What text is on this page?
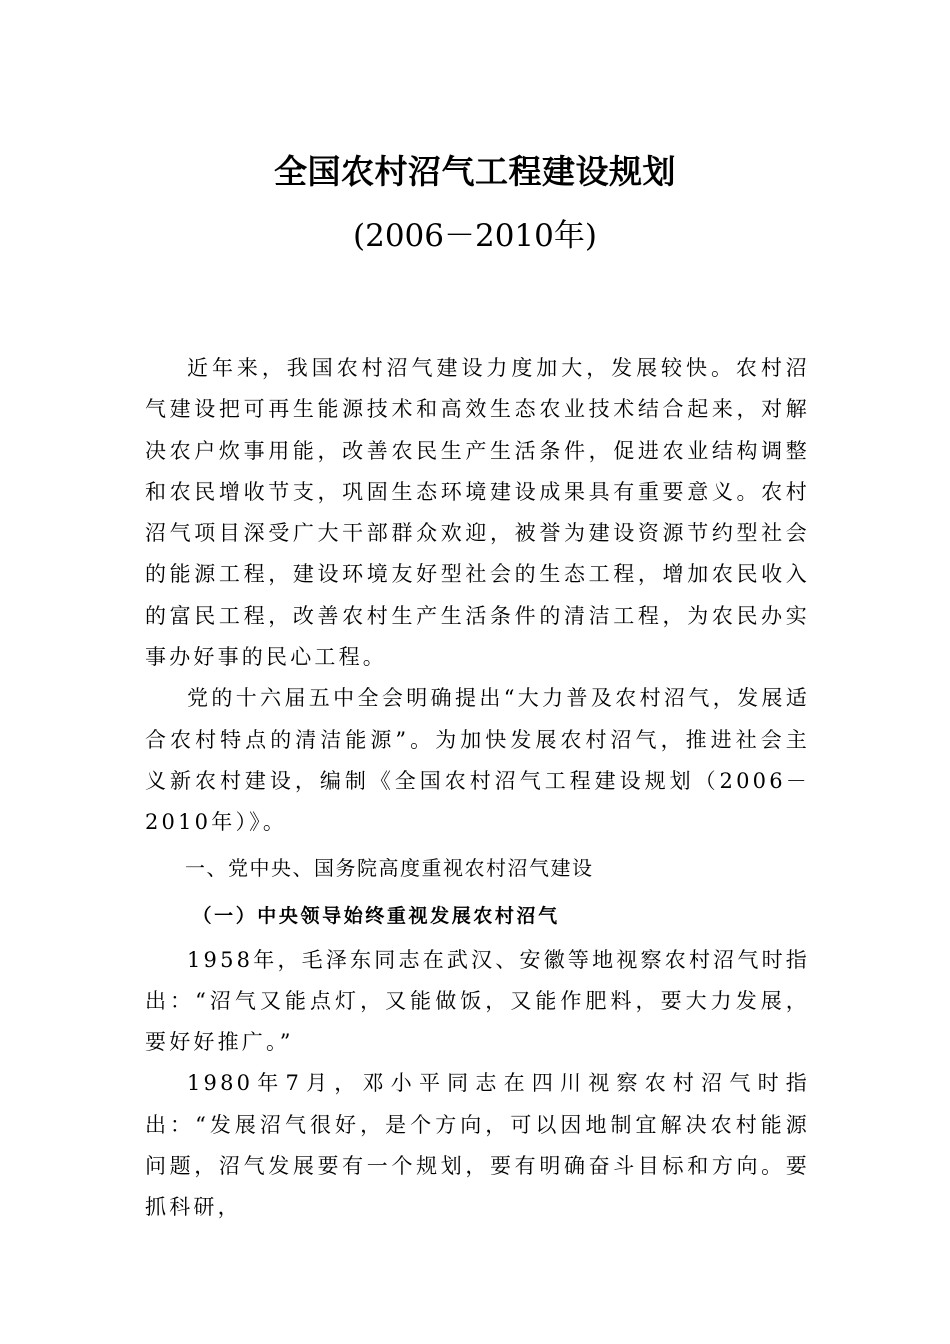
全国农村沼气工程建设规划
(2006－2010年)

近年来，我国农村沼气建设力度加大，发展较快。农村沼气建设把可再生能源技术和高效生态农业技术结合起来，对解决农户炊事用能，改善农民生产生活条件，促进农业结构调整和农民增收节支，巩固生态环境建设成果具有重要意义。农村沼气项目深受广大干部群众欢迎，被誉为建设资源节约型社会的能源工程，建设环境友好型社会的生态工程，增加农民收入的富民工程，改善农村生产生活条件的清洁工程，为农民办实事办好事的民心工程。

党的十六届五中全会明确提出“大力普及农村沼气，发展适合农村特点的清洁能源”。为加快发展农村沼气，推进社会主义新农村建设，编制《全国农村沼气工程建设规划（2006－2010年）》。

一、党中央、国务院高度重视农村沼气建设

（一）中央领导始终重视发展农村沼气

1958年，毛泽东同志在武汉、安徽等地视察农村沼气时指出：“沼气又能点灯，又能做饭，又能作肥料，要大力发展，要好好推广。”

1980年7月，邓小平同志在四川视察农村沼气时指出：“发展沼气很好，是个方向，可以因地制宜解决农村能源问题，沼气发展要有一个规划，要有明确奋斗目标和方向。要抓科研，
